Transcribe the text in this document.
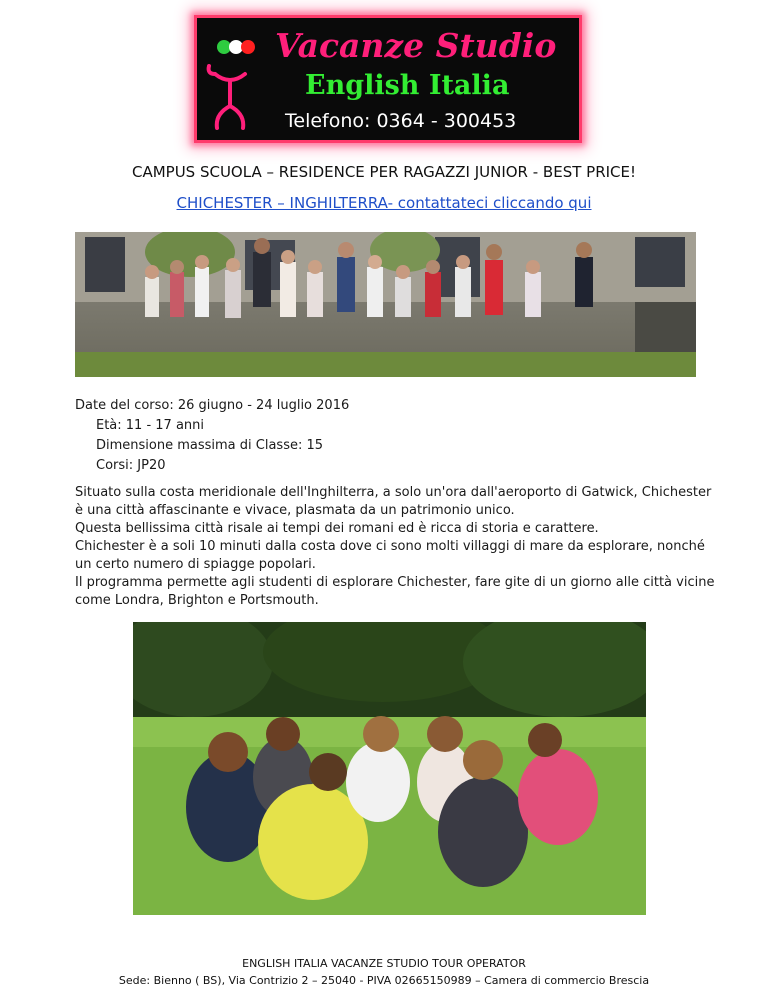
Vacanze Studio
English Italia
Telefono: 0364 - 300453
CAMPUS SCUOLA – RESIDENCE PER RAGAZZI JUNIOR - BEST PRICE!
CHICHESTER – INGHILTERRA- contattateci cliccando qui
Date del corso: 26 giugno - 24 luglio 2016
Età: 11 - 17 anni
Dimensione massima di Classe: 15
Corsi: JP20

Situato sulla costa meridionale dell'Inghilterra, a solo un'ora dall'aeroporto di Gatwick, Chichester è una città affascinante e vivace, plasmata da un patrimonio unico.

Questa bellissima città risale ai tempi dei romani ed è ricca di storia e carattere.

Chichester è a soli 10 minuti dalla costa dove ci sono molti villaggi di mare da esplorare, nonché un certo numero di spiagge popolari.

Il programma permette agli studenti di esplorare Chichester, fare gite di un giorno alle città vicine come Londra, Brighton e Portsmouth.

ENGLISH ITALIA VACANZE STUDIO TOUR OPERATOR
Sede: Bienno ( BS), Via Contrizio 2 – 25040 - PIVA 02665150989 – Camera di commercio Brescia
